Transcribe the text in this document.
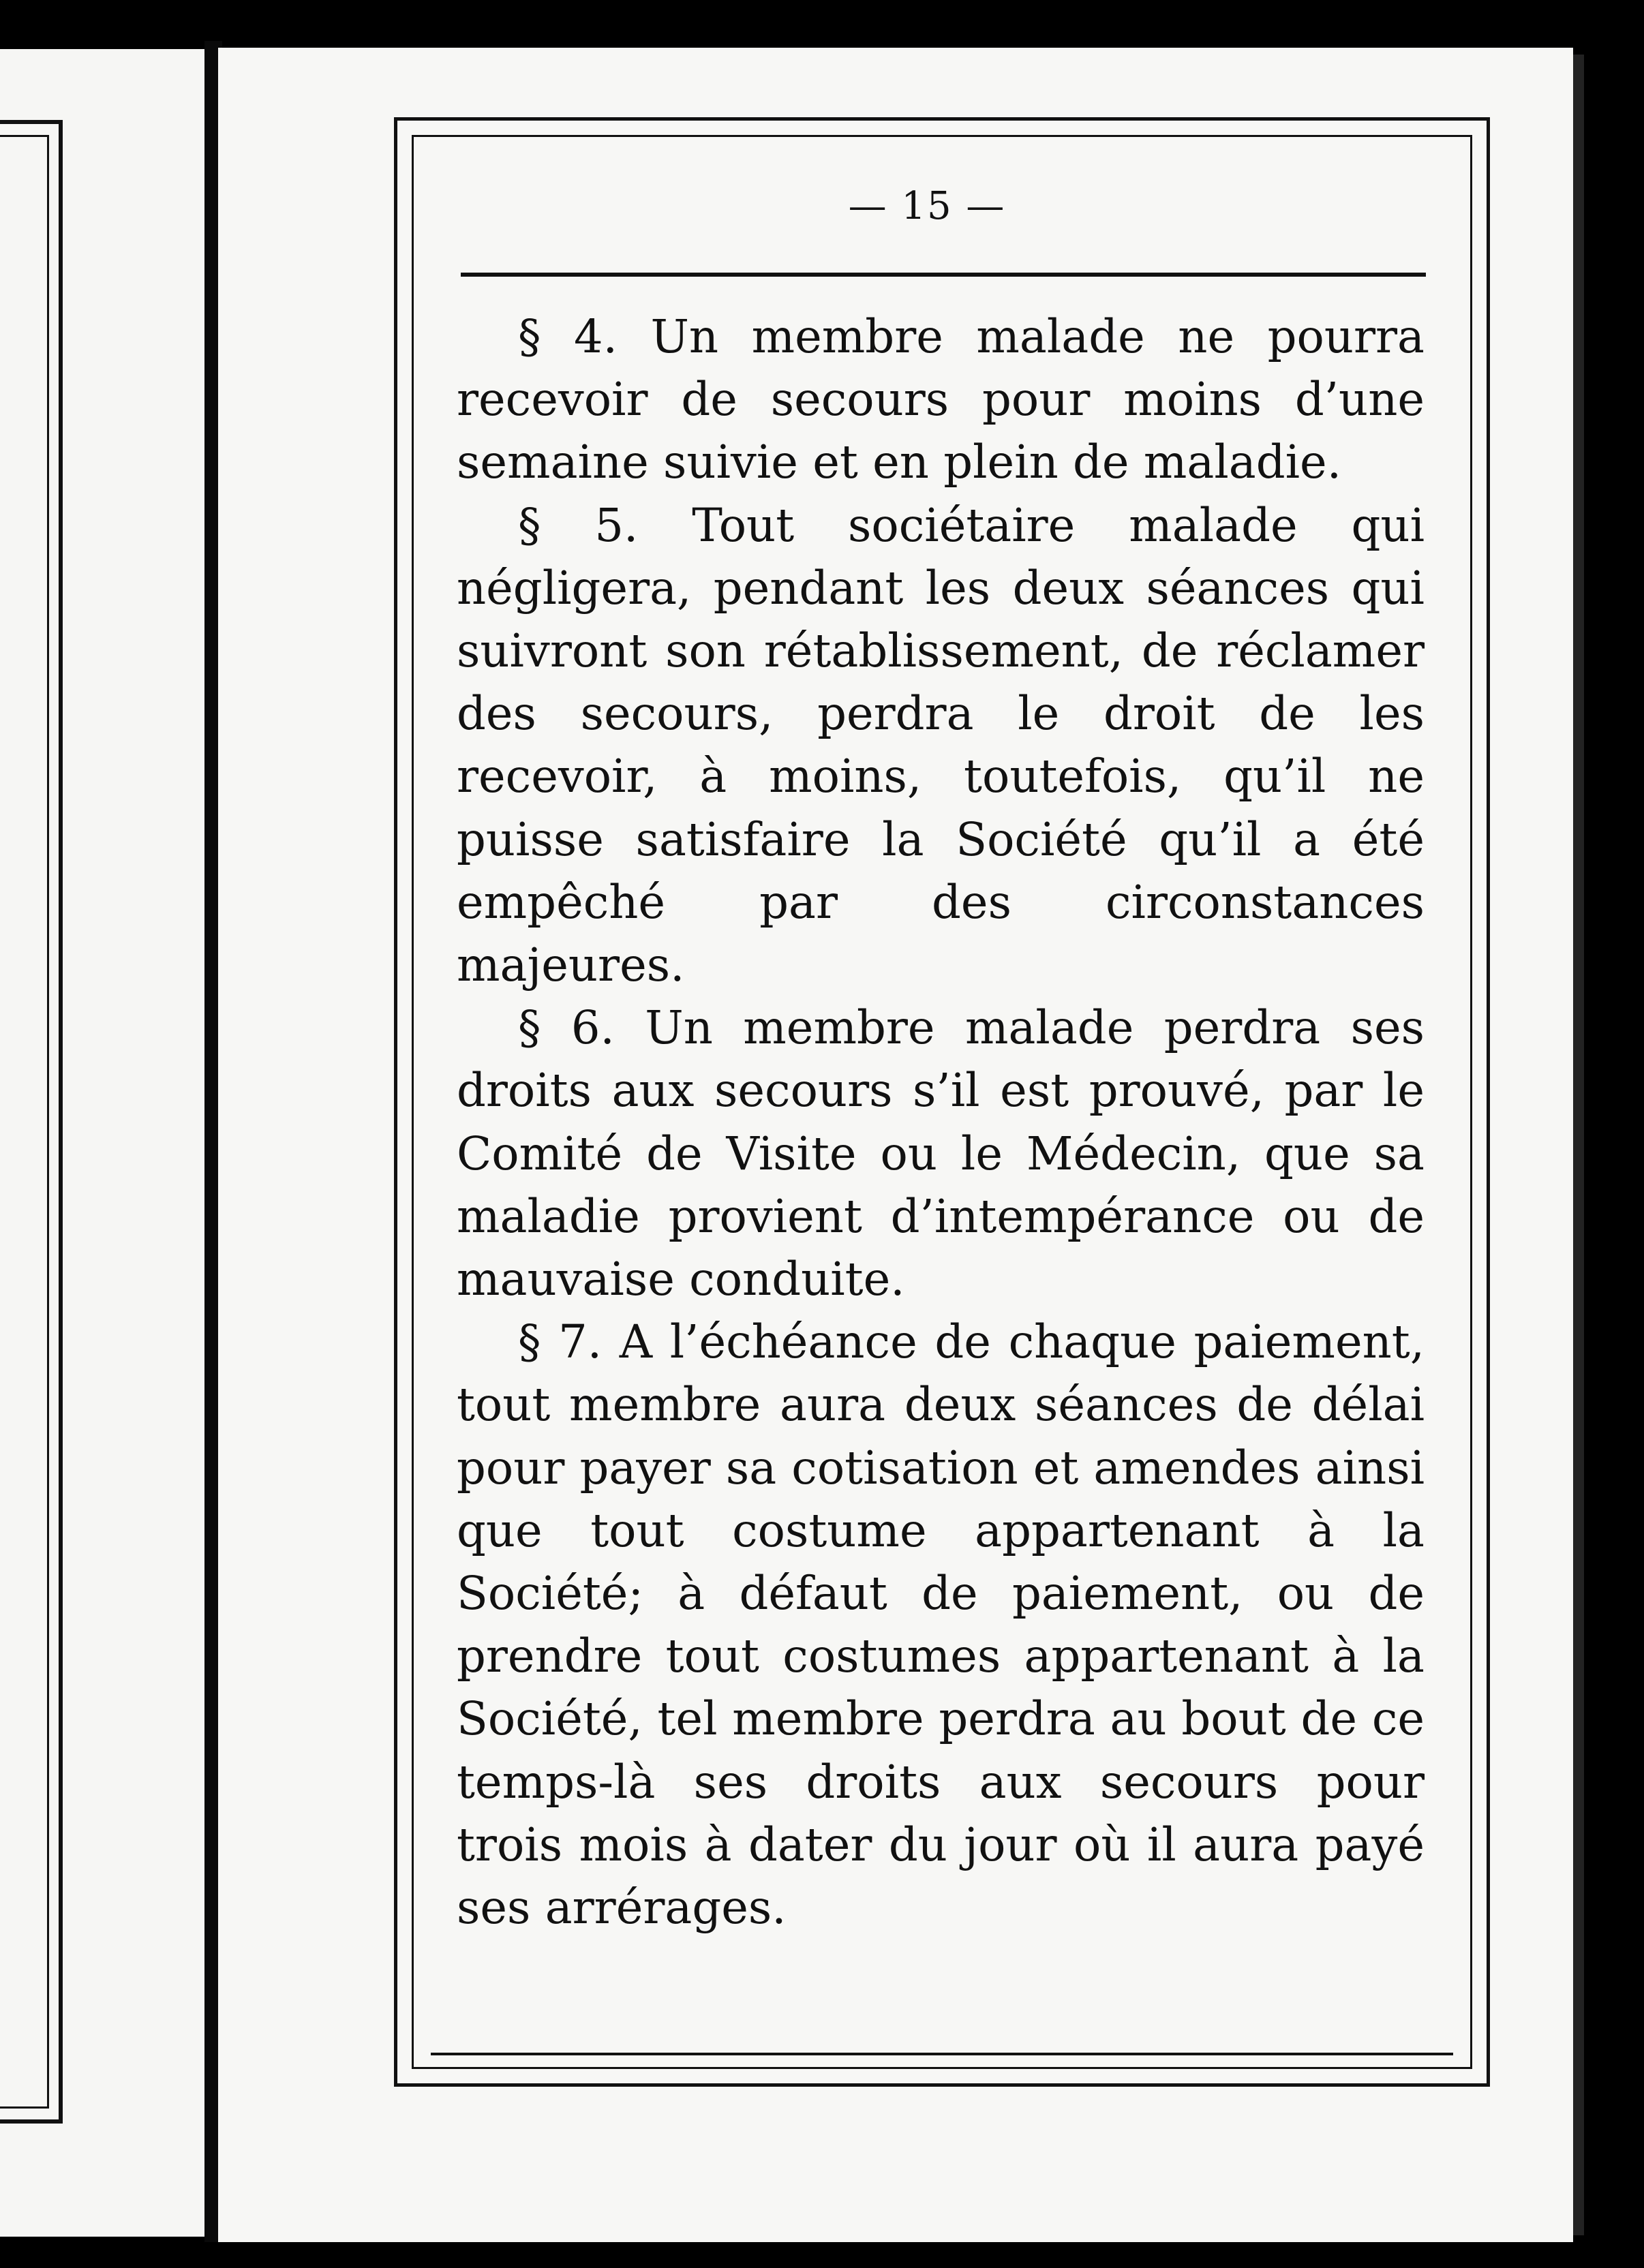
— 15 —

§ 4. Un membre malade ne pourra recevoir de secours pour moins d’une semaine suivie et en plein de maladie.

§ 5. Tout sociétaire malade qui négligera, pendant les deux séances qui suivront son rétablissement, de réclamer des secours, perdra le droit de les recevoir, à moins, toutefois, qu’il ne puisse satisfaire la Société qu’il a été empêché par des circonstances majeures.

§ 6. Un membre malade perdra ses droits aux secours s’il est prouvé, par le Comité de Visite ou le Médecin, que sa maladie provient d’intempérance ou de mauvaise conduite.

§ 7. A l’échéance de chaque paiement, tout membre aura deux séances de délai pour payer sa cotisation et amendes ainsi que tout costume appartenant à la Société; à défaut de paiement, ou de prendre tout costumes appartenant à la Société, tel membre perdra au bout de ce temps-là ses droits aux secours pour trois mois à dater du jour où il aura payé ses arrérages.
